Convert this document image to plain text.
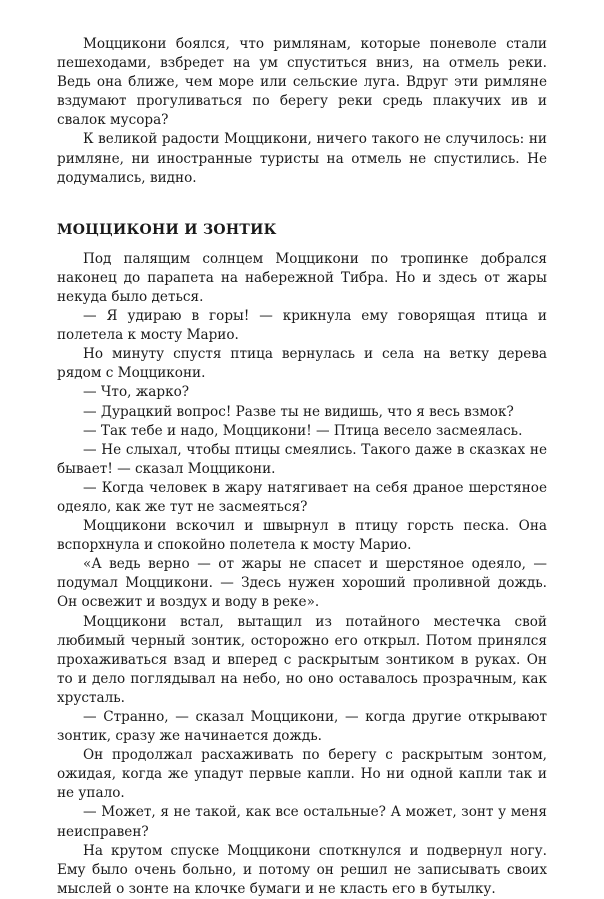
Моццикони боялся, что римлянам, которые поневоле стали пешеходами, взбредет на ум спуститься вниз, на отмель реки. Ведь она ближе, чем море или сельские луга. Вдруг эти римляне вздумают прогуливаться по берегу реки средь плакучих ив и свалок мусора?

К великой радости Моццикони, ничего такого не случилось: ни римляне, ни иностранные туристы на отмель не спустились. Не додумались, видно.

МОЦЦИКОНИ И ЗОНТИК

Под палящим солнцем Моццикони по тропинке добрался наконец до парапета на набережной Тибра. Но и здесь от жары некуда было деться.

— Я удираю в горы! — крикнула ему говорящая птица и полетела к мосту Марио.

Но минуту спустя птица вернулась и села на ветку дерева рядом с Моццикони.

— Что, жарко?

— Дурацкий вопрос! Разве ты не видишь, что я весь взмок?

— Так тебе и надо, Моццикони! — Птица весело засмеялась.

— Не слыхал, чтобы птицы смеялись. Такого даже в сказках не бывает! — сказал Моццикони.

— Когда человек в жару натягивает на себя драное шерстяное одеяло, как же тут не засмеяться?

Моццикони вскочил и швырнул в птицу горсть песка. Она вспорхнула и спокойно полетела к мосту Марио.

«А ведь верно — от жары не спасет и шерстяное одеяло, — подумал Моццикони. — Здесь нужен хороший проливной дождь. Он освежит и воздух и воду в реке».

Моццикони встал, вытащил из потайного местечка свой любимый черный зонтик, осторожно его открыл. Потом принялся прохаживаться взад и вперед с раскрытым зонтиком в руках. Он то и дело поглядывал на небо, но оно оставалось прозрачным, как хрусталь.

— Странно, — сказал Моццикони, — когда другие открывают зонтик, сразу же начинается дождь.

Он продолжал расхаживать по берегу с раскрытым зонтом, ожидая, когда же упадут первые капли. Но ни одной капли так и не упало.

— Может, я не такой, как все остальные? А может, зонт у меня неисправен?

На крутом спуске Моццикони споткнулся и подвернул ногу. Ему было очень больно, и потому он решил не записывать своих мыслей о зонте на клочке бумаги и не класть его в бутылку.
